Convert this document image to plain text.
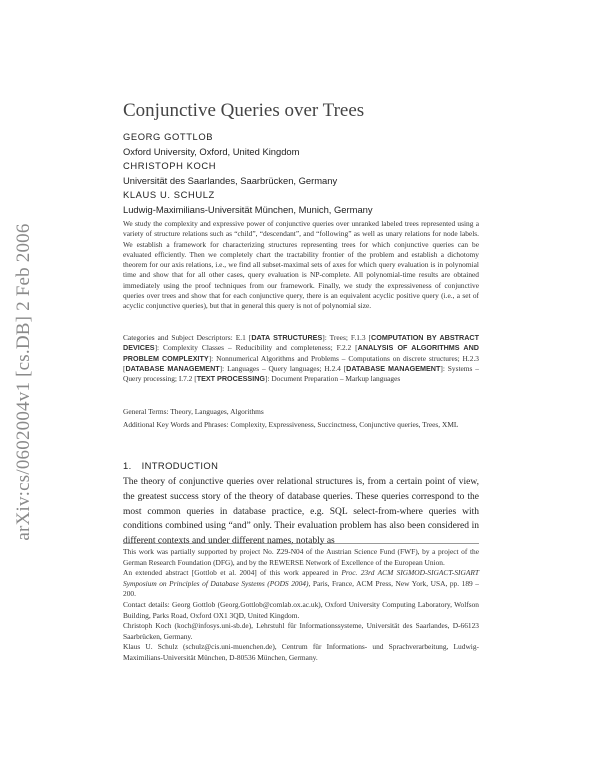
arXiv:cs/0602004v1 [cs.DB] 2 Feb 2006
Conjunctive Queries over Trees
GEORG GOTTLOB
Oxford University, Oxford, United Kingdom
CHRISTOPH KOCH
Universität des Saarlandes, Saarbrücken, Germany
KLAUS U. SCHULZ
Ludwig-Maximilians-Universität München, Munich, Germany
We study the complexity and expressive power of conjunctive queries over unranked labeled trees represented using a variety of structure relations such as “child”, “descendant”, and “following” as well as unary relations for node labels. We establish a framework for characterizing structures representing trees for which conjunctive queries can be evaluated efficiently. Then we completely chart the tractability frontier of the problem and establish a dichotomy theorem for our axis relations, i.e., we find all subset-maximal sets of axes for which query evaluation is in polynomial time and show that for all other cases, query evaluation is NP-complete. All polynomial-time results are obtained immediately using the proof techniques from our framework. Finally, we study the expressiveness of conjunctive queries over trees and show that for each conjunctive query, there is an equivalent acyclic positive query (i.e., a set of acyclic conjunctive queries), but that in general this query is not of polynomial size.
Categories and Subject Descriptors: E.1 [DATA STRUCTURES]: Trees; F.1.3 [COMPUTATION BY ABSTRACT DEVICES]: Complexity Classes – Reducibility and completeness; F.2.2 [ANALYSIS OF ALGORITHMS AND PROBLEM COMPLEXITY]: Nonnumerical Algorithms and Problems – Computations on discrete structures; H.2.3 [DATABASE MANAGEMENT]: Languages – Query languages; H.2.4 [DATABASE MANAGEMENT]: Systems – Query processing; I.7.2 [TEXT PROCESSING]: Document Preparation – Markup languages
General Terms: Theory, Languages, Algorithms
Additional Key Words and Phrases: Complexity, Expressiveness, Succinctness, Conjunctive queries, Trees, XML
1. INTRODUCTION
The theory of conjunctive queries over relational structures is, from a certain point of view, the greatest success story of the theory of database queries. These queries correspond to the most common queries in database practice, e.g. SQL select-from-where queries with conditions combined using “and” only. Their evaluation problem has also been considered in different contexts and under different names, notably as

This work was partially supported by project No. Z29-N04 of the Austrian Science Fund (FWF), by a project of the German Research Foundation (DFG), and by the REWERSE Network of Excellence of the European Union.

An extended abstract [Gottlob et al. 2004] of this work appeared in Proc. 23rd ACM SIGMOD-SIGACT-SIGART Symposium on Principles of Database Systems (PODS 2004), Paris, France, ACM Press, New York, USA, pp. 189 – 200.

Contact details: Georg Gottlob (Georg.Gottlob@comlab.ox.ac.uk), Oxford University Computing Laboratory, Wolfson Building, Parks Road, Oxford OX1 3QD, United Kingdom.

Christoph Koch (koch@infosys.uni-sb.de), Lehrstuhl für Informationssysteme, Universität des Saarlandes, D-66123 Saarbrücken, Germany.

Klaus U. Schulz (schulz@cis.uni-muenchen.de), Centrum für Informations- und Sprachverarbeitung, Ludwig-Maximilians-Universität München, D-80536 München, Germany.
